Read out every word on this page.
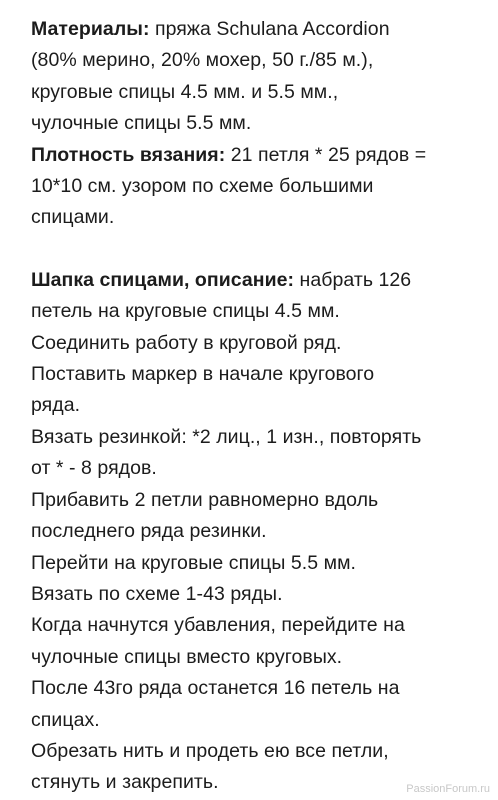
Материалы: пряжа Schulana Accordion
(80% мерино, 20% мохер, 50 г./85 м.),
круговые спицы 4.5 мм. и 5.5 мм.,
чулочные спицы 5.5 мм.

Плотность вязания: 21 петля * 25 рядов =
10*10 см. узором по схеме большими
спицами.

Шапка спицами, описание: набрать 126
петель на круговые спицы 4.5 мм.
Соединить работу в круговой ряд.
Поставить маркер в начале кругового
ряда.
Вязать резинкой: *2 лиц., 1 изн., повторять
от * - 8 рядов.
Прибавить 2 петли равномерно вдоль
последнего ряда резинки.
Перейти на круговые спицы 5.5 мм.
Вязать по схеме 1-43 ряды.
Когда начнутся убавления, перейдите на
чулочные спицы вместо круговых.
После 43го ряда останется 16 петель на
спицах.
Обрезать нить и продеть ею все петли,
стянуть и закрепить.	PassionForum.ru
